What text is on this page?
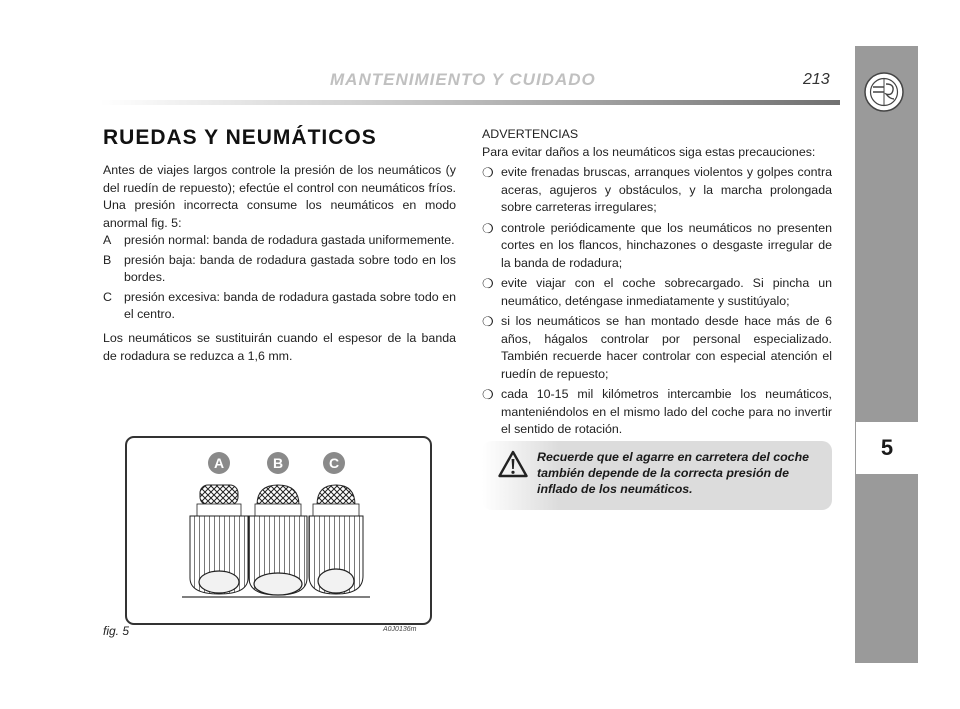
MANTENIMIENTO Y CUIDADO	213
5
RUEDAS Y NEUMÁTICOS
Antes de viajes largos controle la presión de los neumáticos (y del ruedín de repuesto); efectúe el control con neumáticos fríos. Una presión incorrecta consume los neumáticos en modo anormal fig. 5:
A	presión normal: banda de rodadura gastada uniformemente.
B	presión baja: banda de rodadura gastada sobre todo en los bordes.
C presión excesiva: banda de rodadura gastada sobre todo en el centro.
Los neumáticos se sustituirán cuando el espesor de la banda de rodadura se reduzca a 1,6 mm.
A	B	C
fig. 5	A0J0136m
ADVERTENCIAS
Para evitar daños a los neumáticos siga estas precauciones:
❍ evite frenadas bruscas, arranques violentos y golpes contra aceras, agujeros y obstáculos, y la marcha prolongada sobre carreteras irregulares;
❍ controle periódicamente que los neumáticos no presenten cortes en los flancos, hinchazones o desgaste irregular de la banda de rodadura;
❍ evite viajar con el coche sobrecargado. Si pincha un neumático, deténgase inmediatamente y sustitúyalo;
❍ si los neumáticos se han montado desde hace más de 6 años, hágalos controlar por personal especializado. También recuerde hacer controlar con especial atención el ruedín de repuesto;
❍ cada 10-15 mil kilómetros intercambie los neumáticos, manteniéndolos en el mismo lado del coche para no invertir el sentido de rotación.
Recuerde que el agarre en carretera del coche también depende de la correcta presión de inflado de los neumáticos.
